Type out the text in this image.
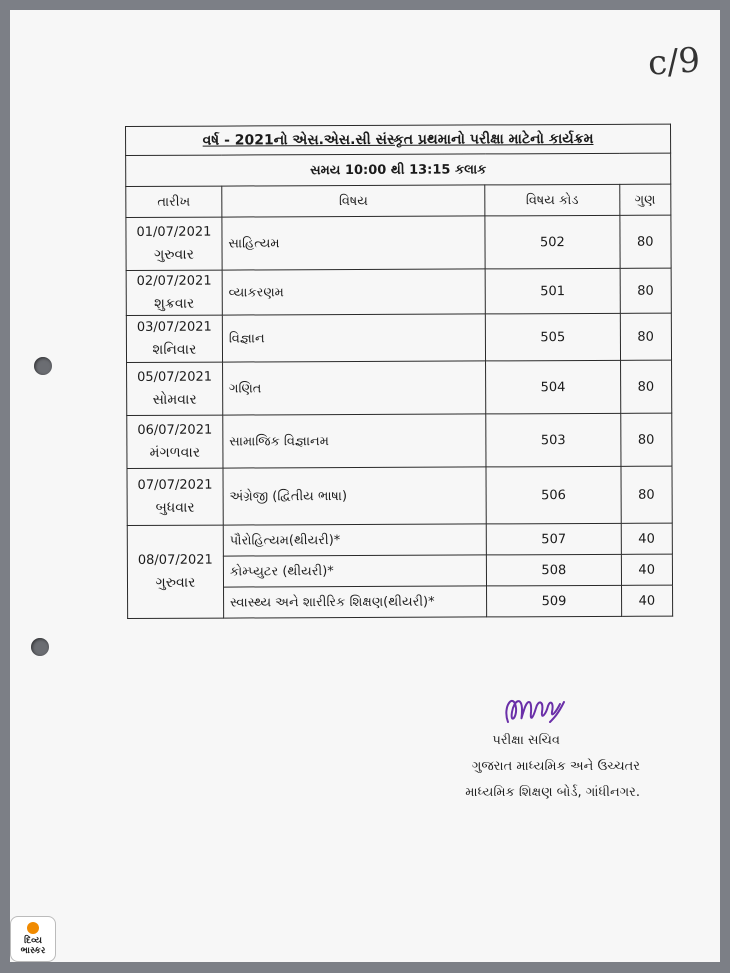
c/9
વર્ષ - 2021નો એસ.એસ.સી સંસ્કૃત પ્રથમાનો પરીક્ષા માટેનો કાર્યક્રમ			
સમય 10:00 થી 13:15 કલાક			
તારીખ	વિષય	વિષય કોડ	ગુણ

01/07/2021
ગુરુવાર	સાહિત્યમ	502	80

02/07/2021
શુક્રવાર	વ્યાકરણમ	501	80

03/07/2021
શનિવાર	વિજ્ઞાન	505	80

05/07/2021
સોમવાર	ગણિત	504	80

06/07/2021
મંગળવાર	સામાજિક વિજ્ઞાનમ	503	80

07/07/2021
બુધવાર	અંગ્રેજી (દ્વિતીય ભાષા)	506	80

08/07/2021
ગુરુવાર	પૌરોહિત્યમ(થીયરી)*	507	40
	કોમ્પ્યુટર (થીયરી)*	508	40
	સ્વાસ્થ્ય અને શારીરિક શિક્ષણ(થીયરી)*	509	40
પરીક્ષા સચિવ
ગુજરાત માધ્યમિક અને ઉચ્ચતર
માધ્યમિક શિક્ષણ બોર્ડ, ગાંધીનગર.
દિવ્ય
ભાસ્કર
